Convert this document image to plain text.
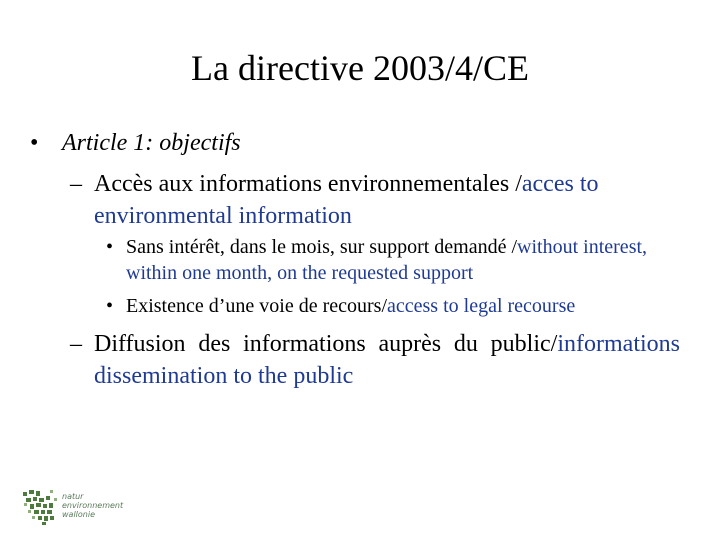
La directive 2003/4/CE
• Article 1: objectifs
– Accès aux informations environnementales /acces to environmental information
• Sans intérêt, dans le mois, sur support demandé /without interest, within one month, on the requested support
• Existence d’une voie de recours/access to legal recourse
– Diffusion des informations auprès du public/informations dissemination to the public
natur
environnement
wallonie
